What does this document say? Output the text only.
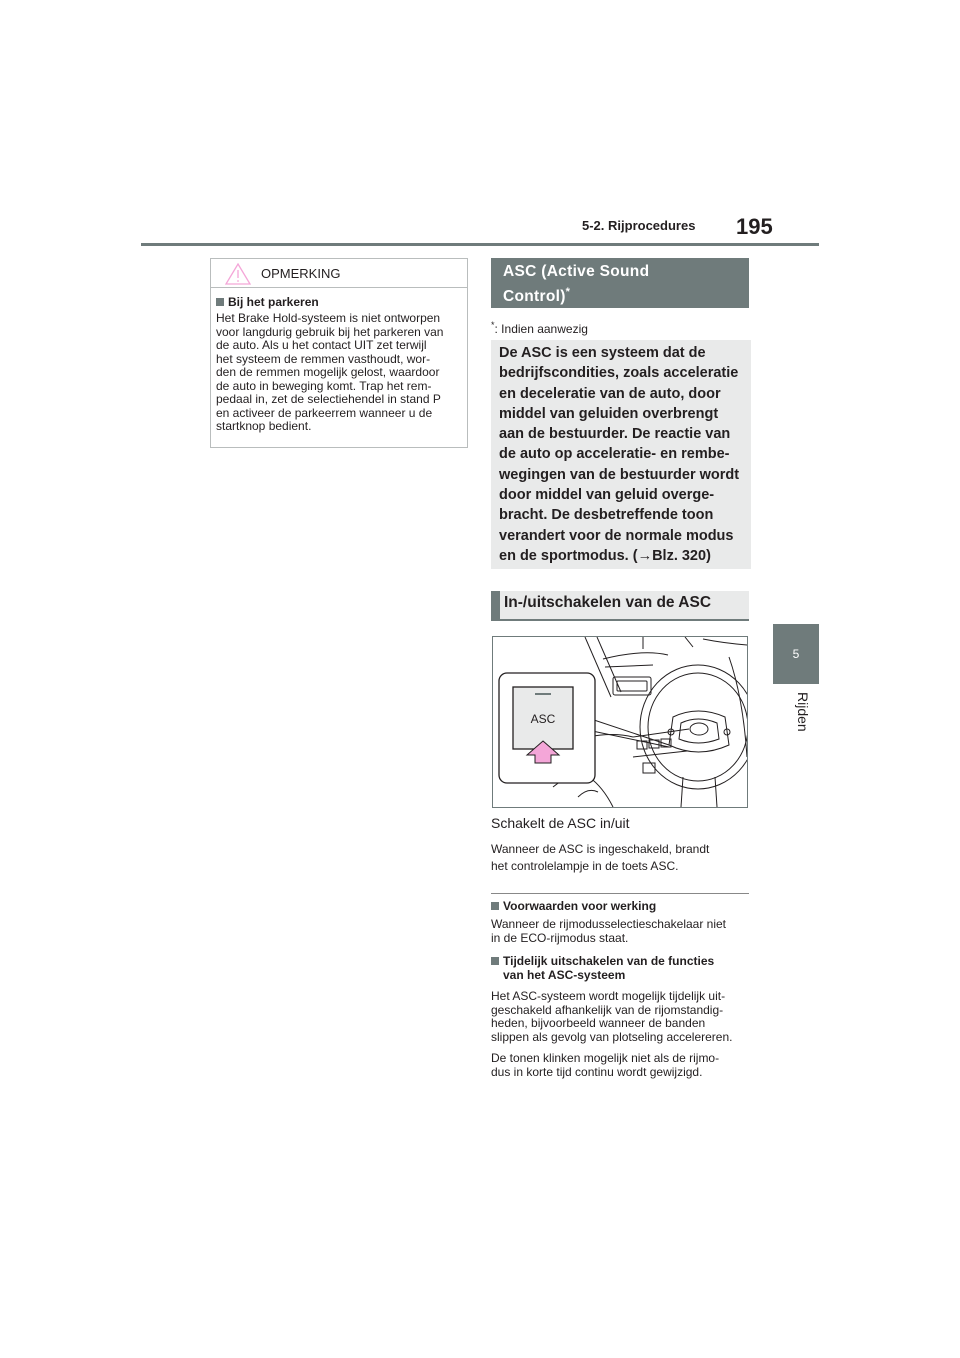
5-2. Rijprocedures 195
5
Rijden
OPMERKING
Bij het parkeren
Het Brake Hold-systeem is niet ontworpen
voor langdurig gebruik bij het parkeren van
de auto. Als u het contact UIT zet terwijl
het systeem de remmen vasthoudt, wor-
den de remmen mogelijk gelost, waardoor
de auto in beweging komt. Trap het rem-
pedaal in, zet de selectiehendel in stand P
en activeer de parkeerrem wanneer u de
startknop bedient.
ASC (Active Sound
Control)*
*: Indien aanwezig
De ASC is een systeem dat de
bedrijfscondities, zoals acceleratie
en deceleratie van de auto, door
middel van geluiden overbrengt
aan de bestuurder. De reactie van
de auto op acceleratie- en rembe-
wegingen van de bestuurder wordt
door middel van geluid overge-
bracht. De desbetreffende toon
verandert voor de normale modus
en de sportmodus. (→Blz. 320)
In-/uitschakelen van de ASC
ASC
Schakelt de ASC in/uit
Wanneer de ASC is ingeschakeld, brandt
het controlelampje in de toets ASC.
Voorwaarden voor werking
Wanneer de rijmodusselectieschakelaar niet
in de ECO-rijmodus staat.
Tijdelijk uitschakelen van de functies
van het ASC-systeem
Het ASC-systeem wordt mogelijk tijdelijk uit-
geschakeld afhankelijk van de rijomstandig-
heden, bijvoorbeeld wanneer de banden
slippen als gevolg van plotseling accelereren.
De tonen klinken mogelijk niet als de rijmo-
dus in korte tijd continu wordt gewijzigd.
